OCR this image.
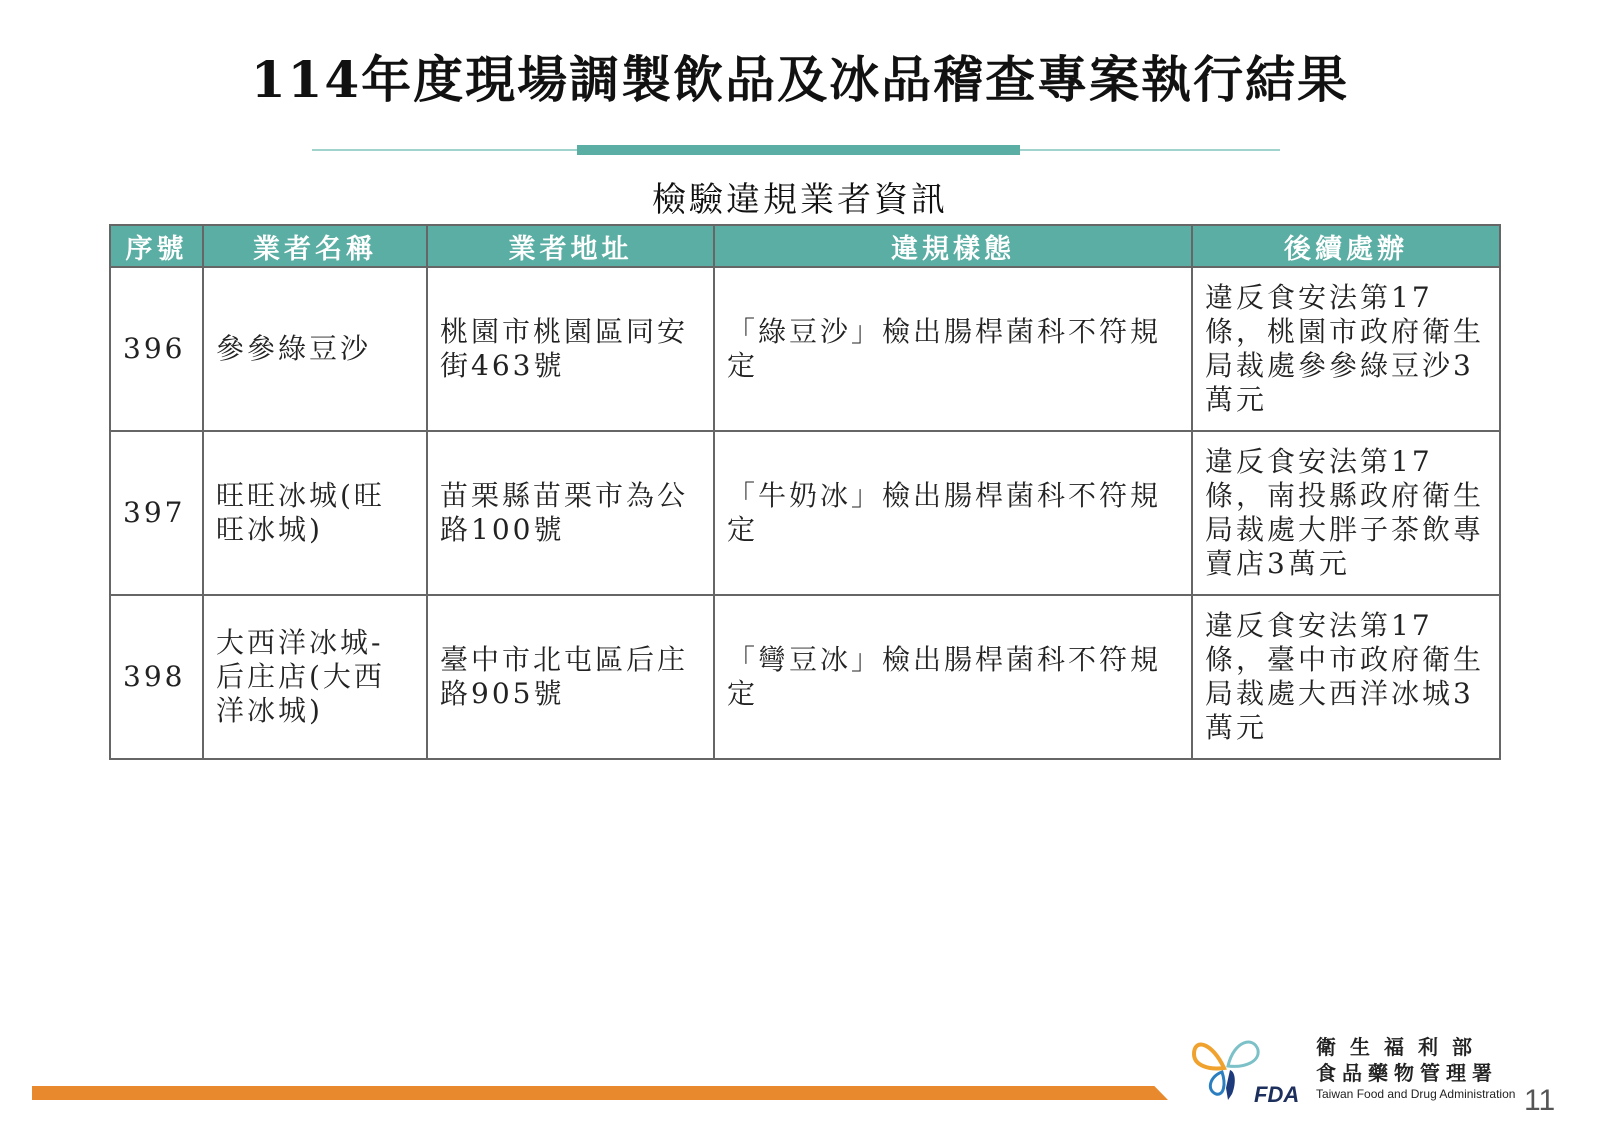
114年度現場調製飲品及冰品稽查專案執行結果
檢驗違規業者資訊
序號	業者名稱	業者地址	違規樣態	後續處辦
396	參參綠豆沙	桃園市桃園區同安街463號	「綠豆沙」檢出腸桿菌科不符規定	違反食安法第17條，桃園市政府衛生局裁處參參綠豆沙3萬元
397	旺旺冰城(旺旺冰城)	苗栗縣苗栗市為公路100號	「牛奶冰」檢出腸桿菌科不符規定	違反食安法第17條，南投縣政府衛生局裁處大胖子茶飲專賣店3萬元
398	大西洋冰城-后庄店(大西洋冰城)	臺中市北屯區后庄路905號	「彎豆冰」檢出腸桿菌科不符規定	違反食安法第17條，臺中市政府衛生局裁處大西洋冰城3萬元
FDA
衛生福利部
食品藥物管理署
Taiwan Food and Drug Administration 11
